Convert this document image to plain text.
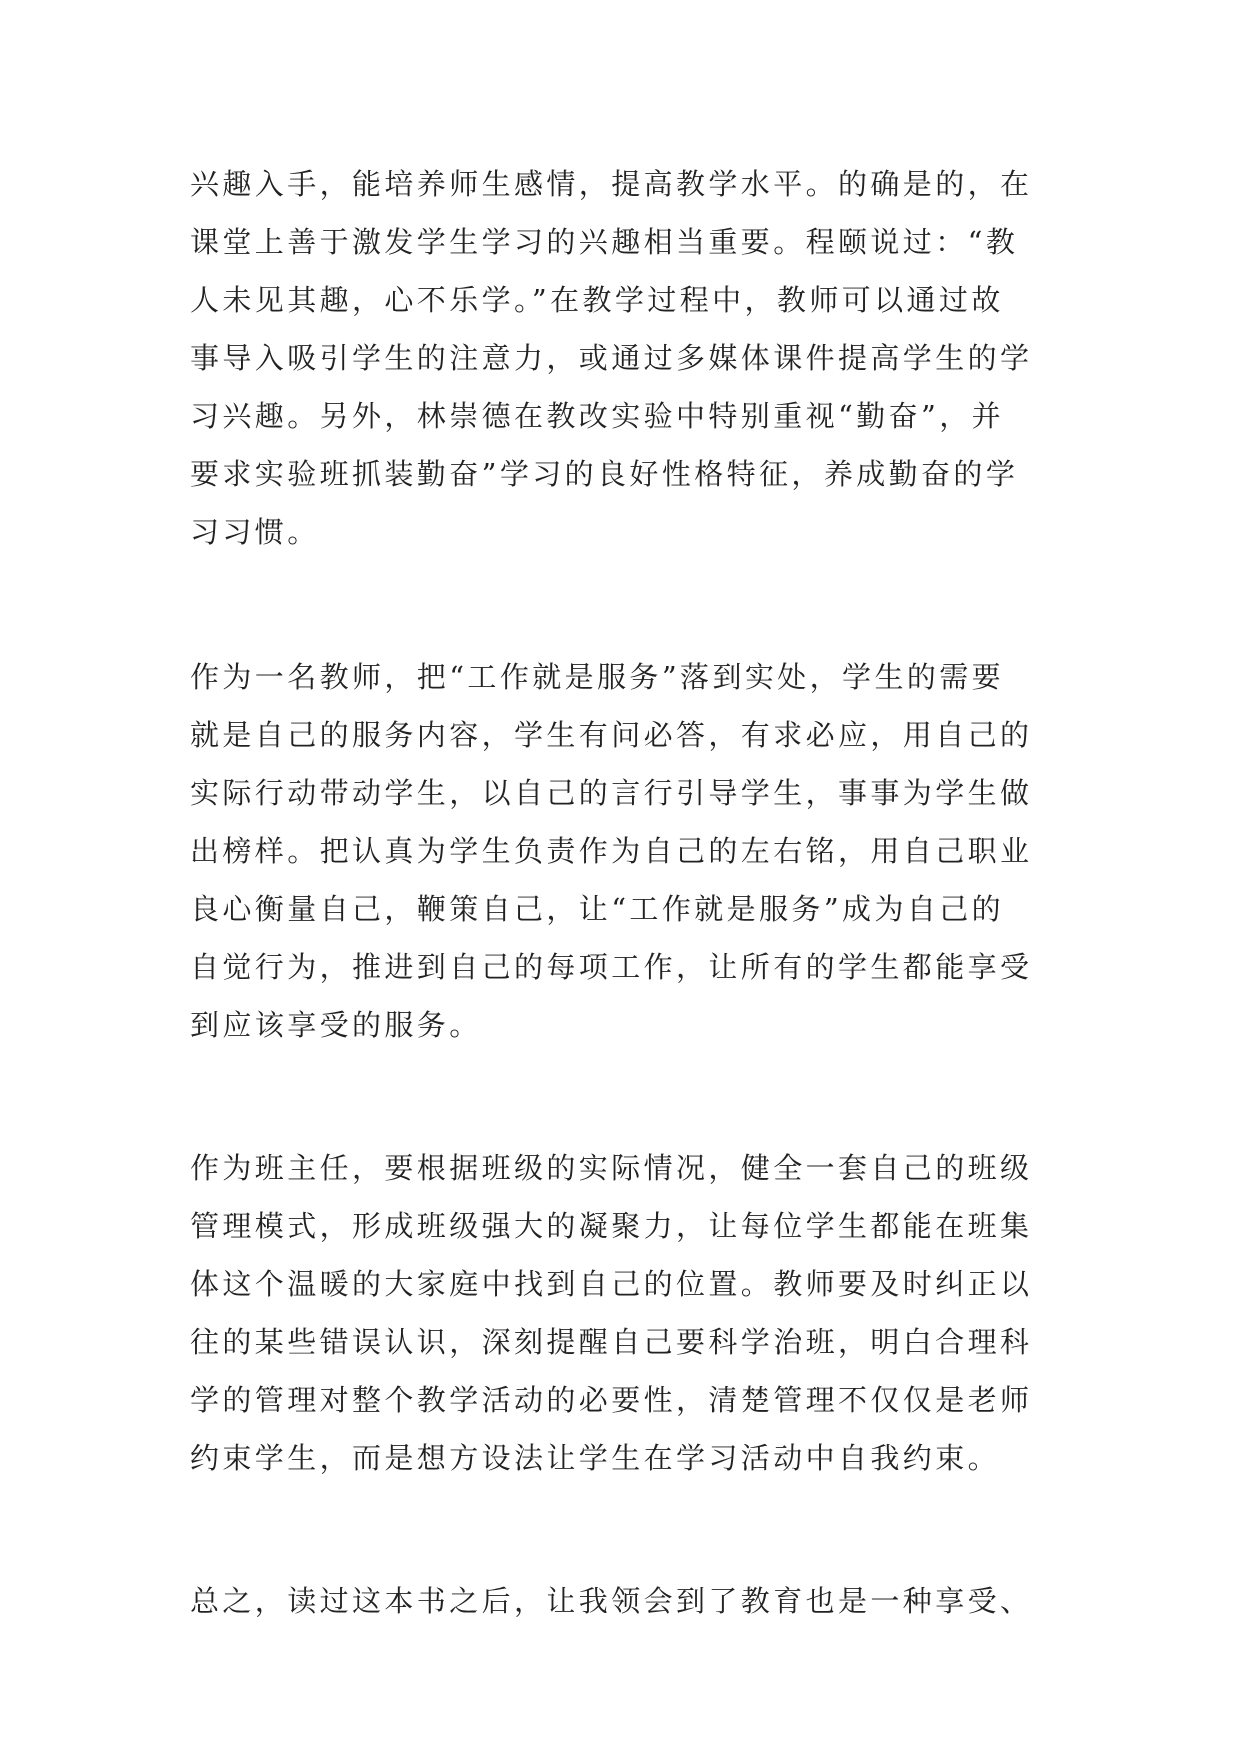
兴趣入手，能培养师生感情，提高教学水平。的确是的，在
课堂上善于激发学生学习的兴趣相当重要。程颐说过：“教
人未见其趣，心不乐学。”在教学过程中，教师可以通过故
事导入吸引学生的注意力，或通过多媒体课件提高学生的学
习兴趣。另外，林崇德在教改实验中特别重视“勤奋”，并
要求实验班抓装勤奋”学习的良好性格特征，养成勤奋的学
习习惯。
作为一名教师，把“工作就是服务”落到实处，学生的需要
就是自己的服务内容，学生有问必答，有求必应，用自己的
实际行动带动学生，以自己的言行引导学生，事事为学生做
出榜样。把认真为学生负责作为自己的左右铭，用自己职业
良心衡量自己，鞭策自己，让“工作就是服务”成为自己的
自觉行为，推进到自己的每项工作，让所有的学生都能享受
到应该享受的服务。
作为班主任，要根据班级的实际情况，健全一套自己的班级
管理模式，形成班级强大的凝聚力，让每位学生都能在班集
体这个温暖的大家庭中找到自己的位置。教师要及时纠正以
往的某些错误认识，深刻提醒自己要科学治班，明白合理科
学的管理对整个教学活动的必要性，清楚管理不仅仅是老师
约束学生，而是想方设法让学生在学习活动中自我约束。
总之，读过这本书之后，让我领会到了教育也是一种享受、
